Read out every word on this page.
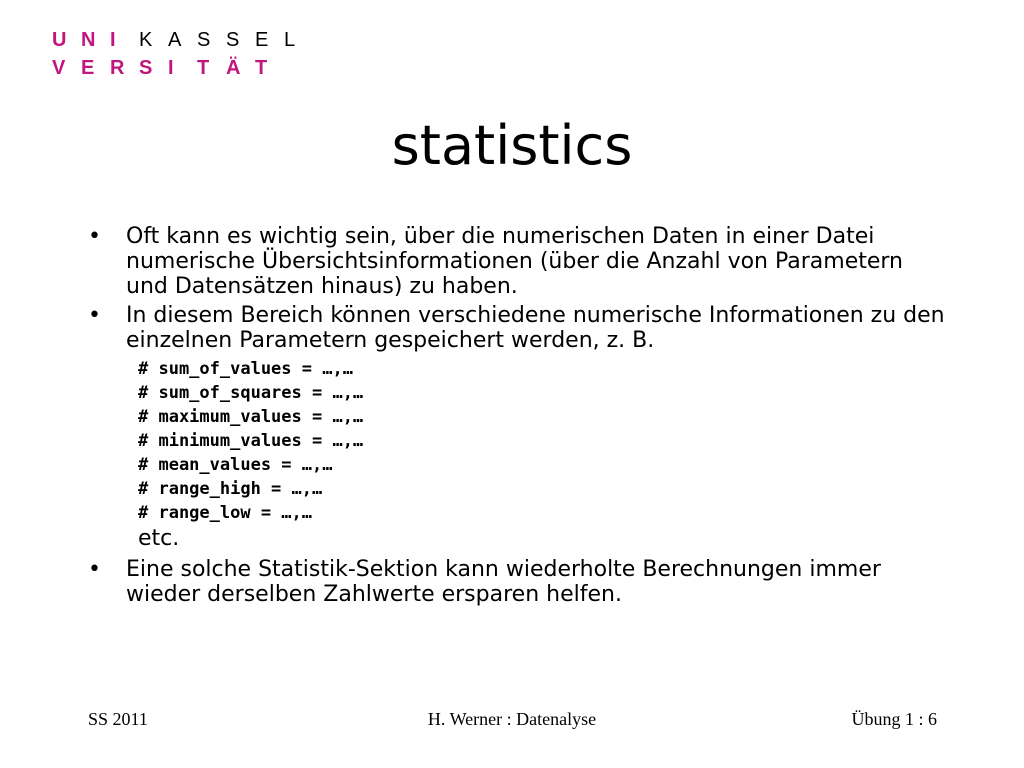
U N I	K A S S E L
V E R S I	T Ä T
statistics
• Oft kann es wichtig sein, über die numerischen Daten in einer Datei numerische Übersichtsinformationen (über die Anzahl von Parametern und Datensätzen hinaus) zu haben.
• In diesem Bereich können verschiedene numerische Informationen zu den einzelnen Parametern gespeichert werden, z. B.
# sum_of_values = …,…
# sum_of_squares = …,…
# maximum_values = …,…
# minimum_values = …,…
# mean_values = …,…
# range_high = …,…
# range_low = …,…
etc.
• Eine solche Statistik-Sektion kann wiederholte Berechnungen immer wieder derselben Zahlwerte ersparen helfen.
H. Werner : Datenalyse
SS 2011	Übung 1 : 6
